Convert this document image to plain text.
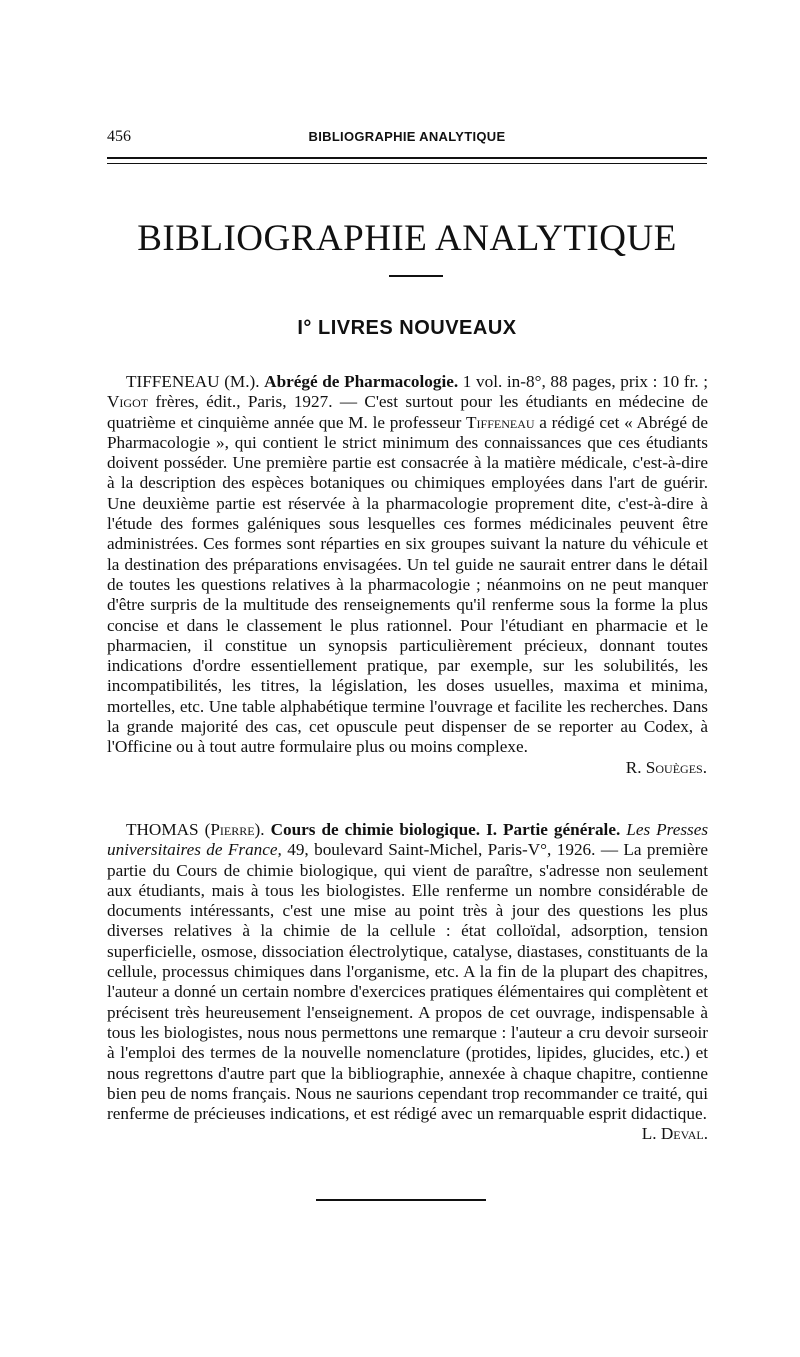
456	BIBLIOGRAPHIE ANALYTIQUE
BIBLIOGRAPHIE ANALYTIQUE
I° LIVRES NOUVEAUX

TIFFENEAU (M.). Abrégé de Pharmacologie. 1 vol. in-8°, 88 pages, prix : 10 fr. ; Vigot frères, édit., Paris, 1927. — C'est surtout pour les étudiants en médecine de quatrième et cinquième année que M. le professeur Tiffeneau a rédigé cet « Abrégé de Pharmacologie », qui contient le strict minimum des connaissances que ces étudiants doivent posséder. Une première partie est consacrée à la matière médicale, c'est-à-dire à la description des espèces botaniques ou chimiques employées dans l'art de guérir. Une deuxième partie est réservée à la pharmacologie proprement dite, c'est-à-dire à l'étude des formes galéniques sous lesquelles ces formes médicinales peuvent être administrées. Ces formes sont réparties en six groupes suivant la nature du véhicule et la destination des préparations envisagées. Un tel guide ne saurait entrer dans le détail de toutes les questions relatives à la pharmacologie ; néanmoins on ne peut manquer d'être surpris de la multitude des renseignements qu'il renferme sous la forme la plus concise et dans le classement le plus rationnel. Pour l'étudiant en pharmacie et le pharmacien, il constitue un synopsis particulièrement précieux, donnant toutes indications d'ordre essentiellement pratique, par exemple, sur les solubilités, les incompatibilités, les titres, la législation, les doses usuelles, maxima et minima, mortelles, etc. Une table alphabétique termine l'ouvrage et facilite les recherches. Dans la grande majorité des cas, cet opuscule peut dispenser de se reporter au Codex, à l'Officine ou à tout autre formulaire plus ou moins complexe.

R. Souèges.

THOMAS (Pierre). Cours de chimie biologique. I. Partie générale. Les Presses universitaires de France, 49, boulevard Saint-Michel, Paris-V°, 1926. — La première partie du Cours de chimie biologique, qui vient de paraître, s'adresse non seulement aux étudiants, mais à tous les biologistes. Elle renferme un nombre considérable de documents intéressants, c'est une mise au point très à jour des questions les plus diverses relatives à la chimie de la cellule : état colloïdal, adsorption, tension superficielle, osmose, dissociation électrolytique, catalyse, diastases, constituants de la cellule, processus chimiques dans l'organisme, etc. A la fin de la plupart des chapitres, l'auteur a donné un certain nombre d'exercices pratiques élémentaires qui complètent et précisent très heureusement l'enseignement. A propos de cet ouvrage, indispensable à tous les biologistes, nous nous permettons une remarque : l'auteur a cru devoir surseoir à l'emploi des termes de la nouvelle nomenclature (protides, lipides, glucides, etc.) et nous regrettons d'autre part que la bibliographie, annexée à chaque chapitre, contienne bien peu de noms français. Nous ne saurions cependant trop recommander ce traité, qui renferme de précieuses indications, et est rédigé avec un remarquable esprit didactique.
L. Deval.
